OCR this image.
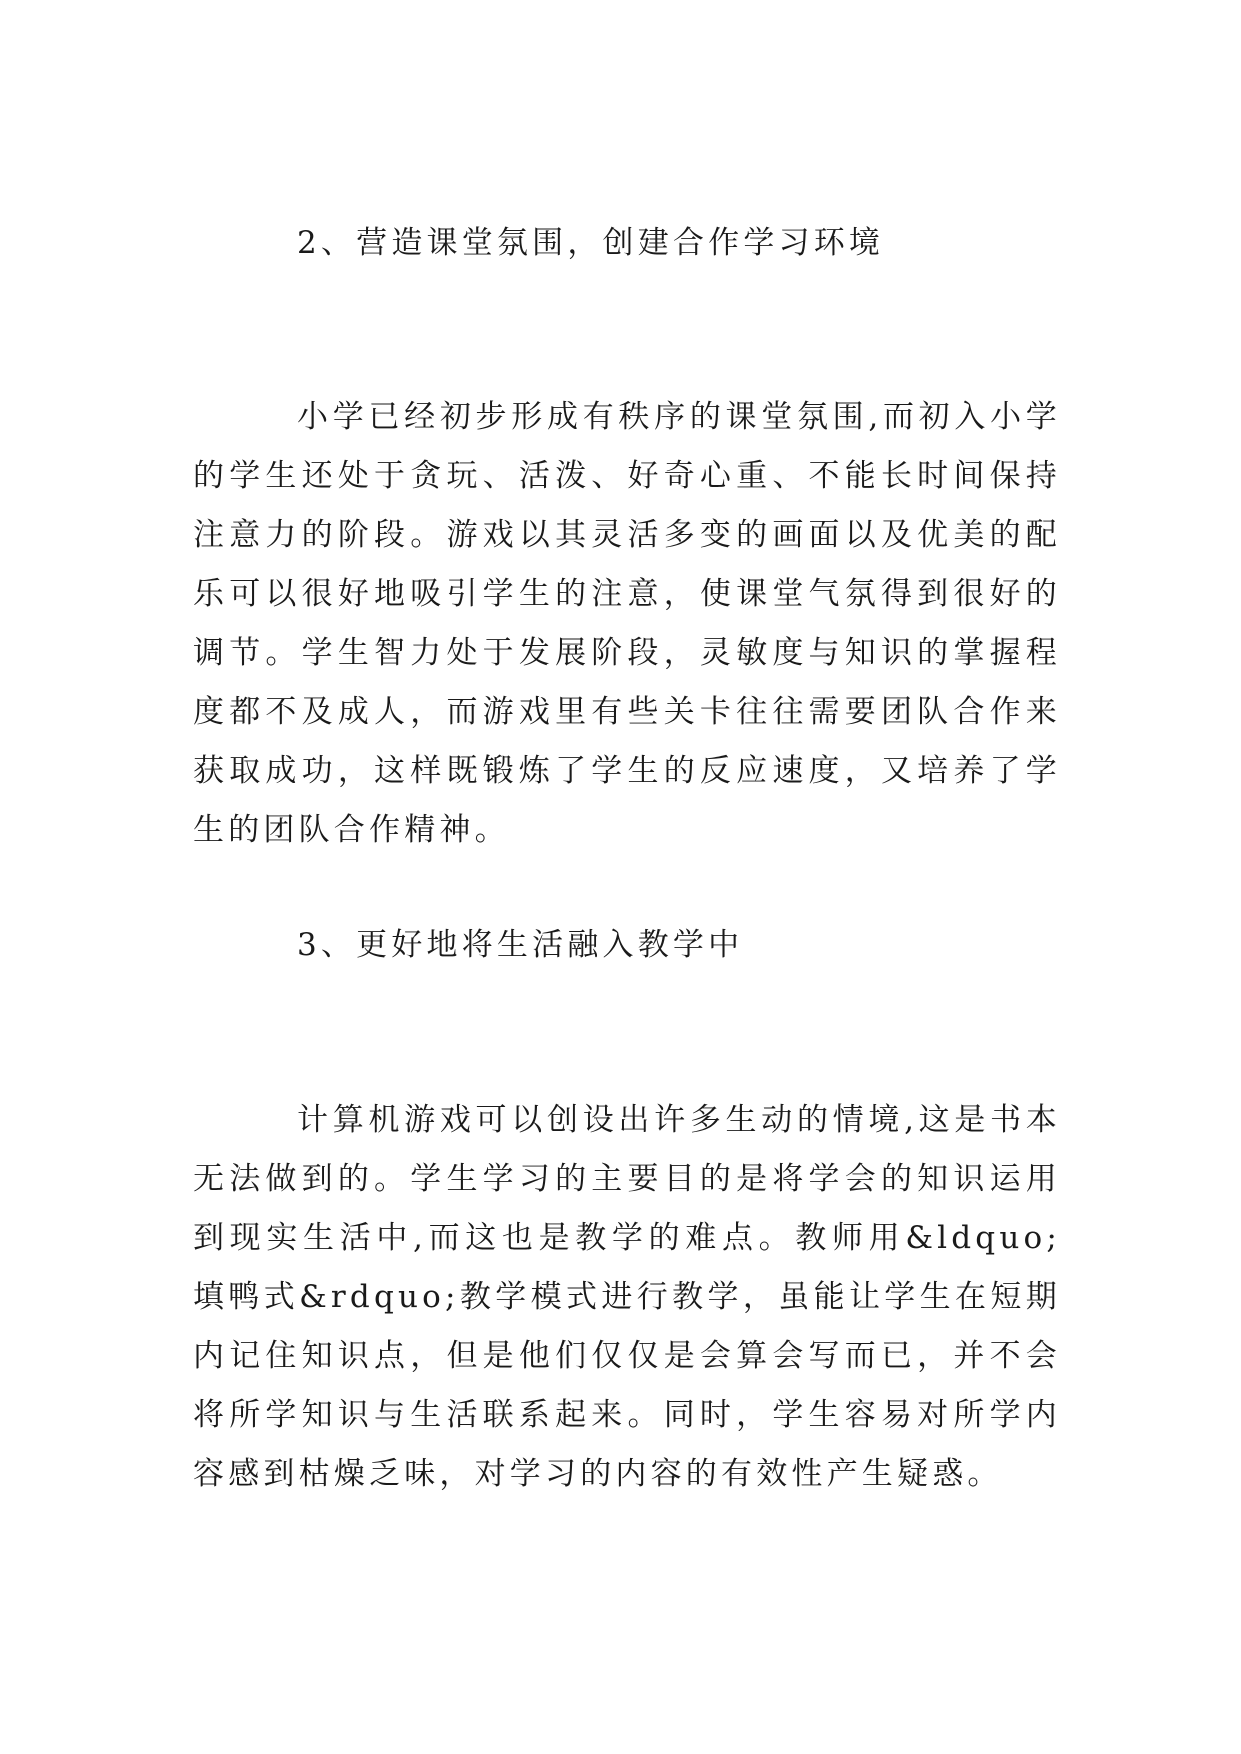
2、营造课堂氛围，创建合作学习环境

小学已经初步形成有秩序的课堂氛围,而初入小学的学生还处于贪玩、活泼、好奇心重、不能长时间保持注意力的阶段。游戏以其灵活多变的画面以及优美的配乐可以很好地吸引学生的注意，使课堂气氛得到很好的调节。学生智力处于发展阶段，灵敏度与知识的掌握程度都不及成人，而游戏里有些关卡往往需要团队合作来获取成功，这样既锻炼了学生的反应速度，又培养了学生的团队合作精神。

3、更好地将生活融入教学中

计算机游戏可以创设出许多生动的情境,这是书本无法做到的。学生学习的主要目的是将学会的知识运用到现实生活中,而这也是教学的难点。教师用&ldquo;填鸭式&rdquo;教学模式进行教学，虽能让学生在短期内记住知识点，但是他们仅仅是会算会写而已，并不会将所学知识与生活联系起来。同时，学生容易对所学内容感到枯燥乏味，对学习的内容的有效性产生疑惑。
